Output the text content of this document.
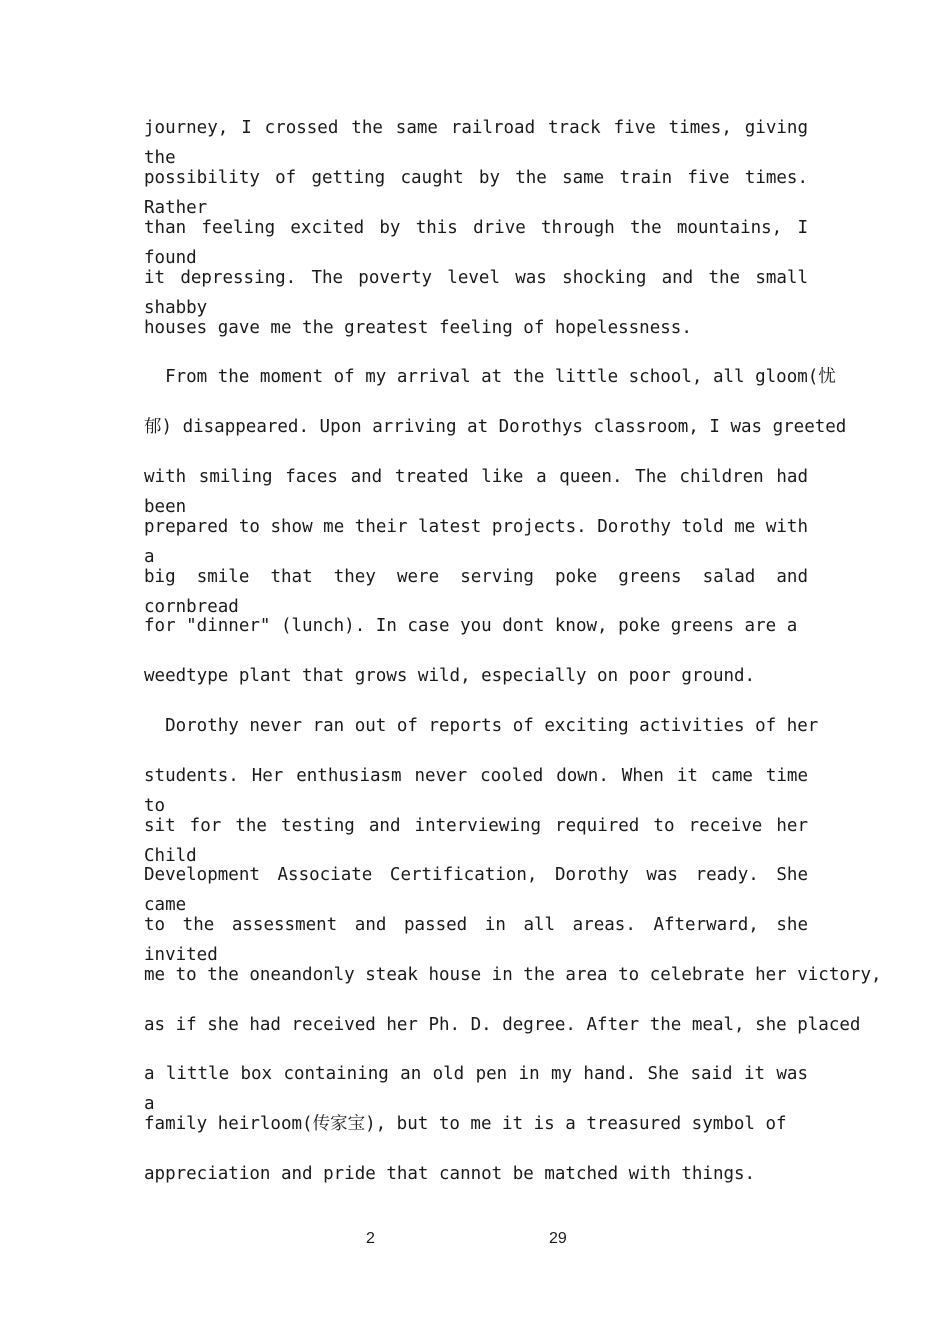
journey, I crossed the same railroad track five times, giving the
possibility of getting caught by the same train five times. Rather
than feeling excited by this drive through the mountains, I found
it depressing. The poverty level was shocking and the small shabby
houses gave me the greatest feeling of hopelessness.
From the moment of my arrival at the little school, all gloom(忧
郁) disappeared. Upon arriving at Dorothys classroom, I was greeted
with smiling faces and treated like a queen. The children had been
prepared to show me their latest projects. Dorothy told me with a
big smile that they were serving poke greens salad and cornbread
for "dinner" (lunch). In case you dont know, poke greens are a
weedtype plant that grows wild, especially on poor ground.
Dorothy never ran out of reports of exciting activities of her
students. Her enthusiasm never cooled down. When it came time to
sit for the testing and interviewing required to receive her Child
Development Associate Certification, Dorothy was ready. She came
to the assessment and passed in all areas. Afterward, she invited
me to the oneandonly steak house in the area to celebrate her victory,
as if she had received her Ph. D. degree. After the meal, she placed
a little box containing an old pen in my hand. She said it was a
family heirloom(传家宝), but to me it is a treasured symbol of
appreciation and pride that cannot be matched with things.
2	29
